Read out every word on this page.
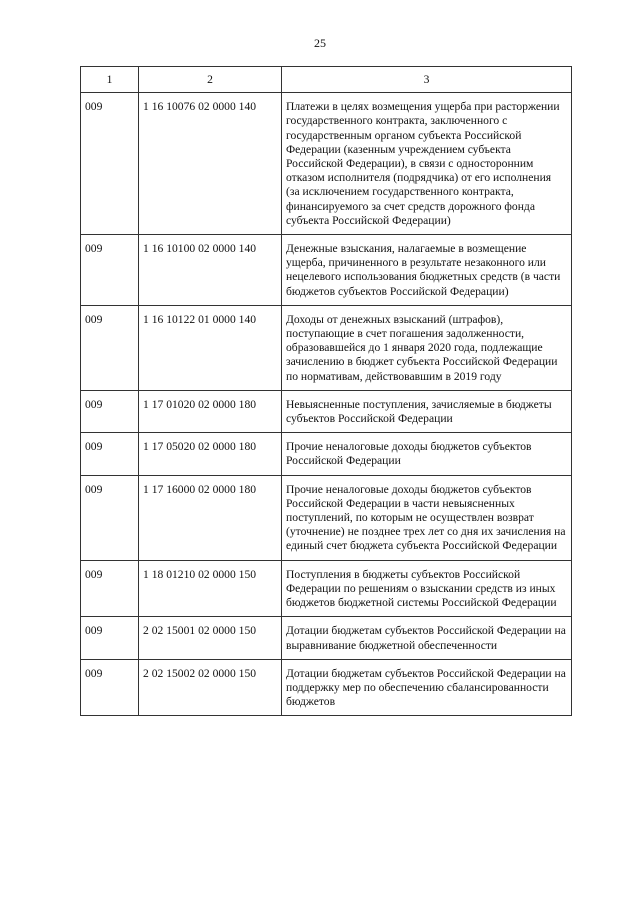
25
1	2	3
009	1 16 10076 02 0000 140	Платежи в целях возмещения ущерба при расторжении государственного контракта, заключенного с государственным органом субъекта Российской Федерации (казенным учреждением субъекта Российской Федерации), в связи с односторонним отказом исполнителя (подрядчика) от его исполнения (за исключением государственного контракта, финансируемого за счет средств дорожного фонда субъекта Российской Федерации)
009	1 16 10100 02 0000 140	Денежные взыскания, налагаемые в возмещение ущерба, причиненного в результате незаконного или нецелевого использования бюджетных средств (в части бюджетов субъектов Российской Федерации)
009	1 16 10122 01 0000 140	Доходы от денежных взысканий (штрафов), поступающие в счет погашения задолженности, образовавшейся до 1 января 2020 года, подлежащие зачислению в бюджет субъекта Российской Федерации по нормативам, действовавшим в 2019 году
009	1 17 01020 02 0000 180	Невыясненные поступления, зачисляемые в бюджеты субъектов Российской Федерации
009	1 17 05020 02 0000 180	Прочие неналоговые доходы бюджетов субъектов Российской Федерации
009	1 17 16000 02 0000 180	Прочие неналоговые доходы бюджетов субъектов Российской Федерации в части невыясненных поступлений, по которым не осуществлен возврат (уточнение) не позднее трех лет со дня их зачисления на единый счет бюджета субъекта Российской Федерации
009	1 18 01210 02 0000 150	Поступления в бюджеты субъектов Российской Федерации по решениям о взыскании средств из иных бюджетов бюджетной системы Российской Федерации
009	2 02 15001 02 0000 150	Дотации бюджетам субъектов Российской Федерации на выравнивание бюджетной обеспеченности
009	2 02 15002 02 0000 150	Дотации бюджетам субъектов Российской Федерации на поддержку мер по обеспечению сбалансированности бюджетов
